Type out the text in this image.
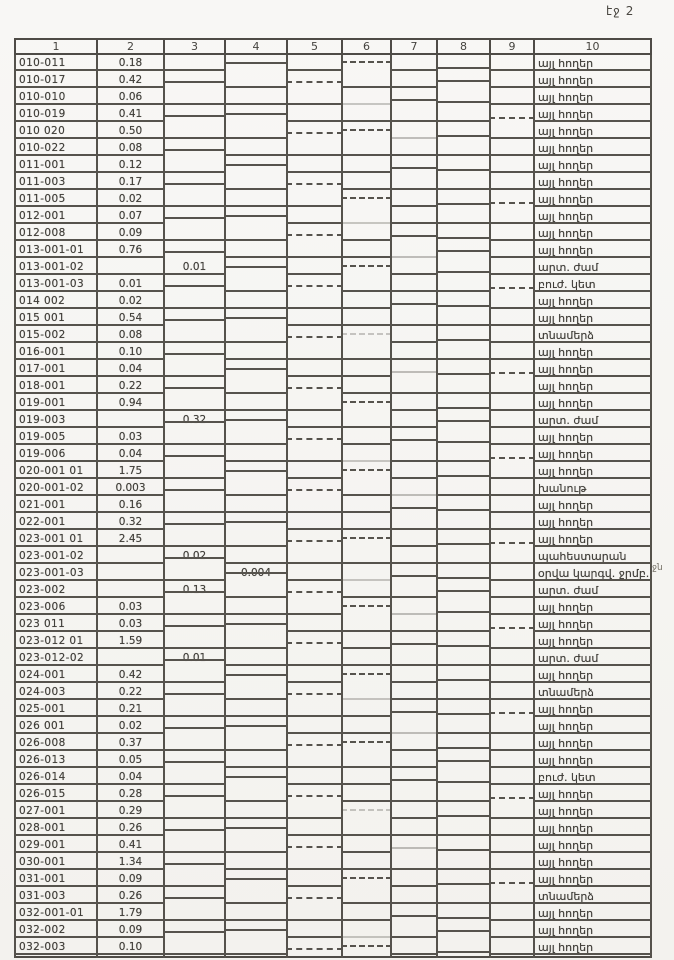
էջ 2
1	2	3	4	5	6	7	8	9	10
010-011	0.18								այլ հողեր
010-017	0.42								այլ հողեր
010-010	0.06								այլ հողեր
010-019	0.41								այլ հողեր
010 020	0.50								այլ հողեր
010-022	0.08								այլ հողեր
011-001	0.12								այլ հողեր
011-003	0.17								այլ հողեր
011-005	0.02								այլ հողեր
012-001	0.07								այլ հողեր
012-008	0.09								այլ հողեր
013-001-01	0.76								այլ հողեր
013-001-02		0.01							արտ. ժամ
013-001-03	0.01								բուժ. կետ
014 002	0.02								այլ հողեր
015 001	0.54								այլ հողեր
015-002	0.08								տնամերձ
016-001	0.10								այլ հողեր
017-001	0.04								այլ հողեր
018-001	0.22								այլ հողեր
019-001	0.94								այլ հողեր
019-003		0.32							արտ. ժամ
019-005	0.03								այլ հողեր
019-006	0.04								այլ հողեր
020-001 01	1.75								այլ հողեր
020-001-02	0.003								խանութ
021-001	0.16								այլ հողեր
022-001	0.32								այլ հողեր
023-001 01	2.45								այլ հողեր
023-001-02		0.02							պահեստարան
023-001-03			0.004						օրվա կարգվ. ջրմբ.
023-002		0.13							արտ. ժամ
023-006	0.03								այլ հողեր
023 011	0.03								այլ հողեր
023-012 01	1.59								այլ հողեր
023-012-02		0.01							արտ. ժամ
024-001	0.42								այլ հողեր
024-003	0.22								տնամերձ
025-001	0.21								այլ հողեր
026 001	0.02								այլ հողեր
026-008	0.37								այլ հողեր
026-013	0.05								այլ հողեր
026-014	0.04								բուժ. կետ
026-015	0.28								այլ հողեր
027-001	0.29								այլ հողեր
028-001	0.26								այլ հողեր
029-001	0.41								այլ հողեր
030-001	1.34								այլ հողեր
031-001	0.09								այլ հողեր
031-003	0.26								տնամերձ
032-001-01	1.79								այլ հողեր
032-002	0.09								այլ հողեր
032-003	0.10								այլ հողեր
ջն
